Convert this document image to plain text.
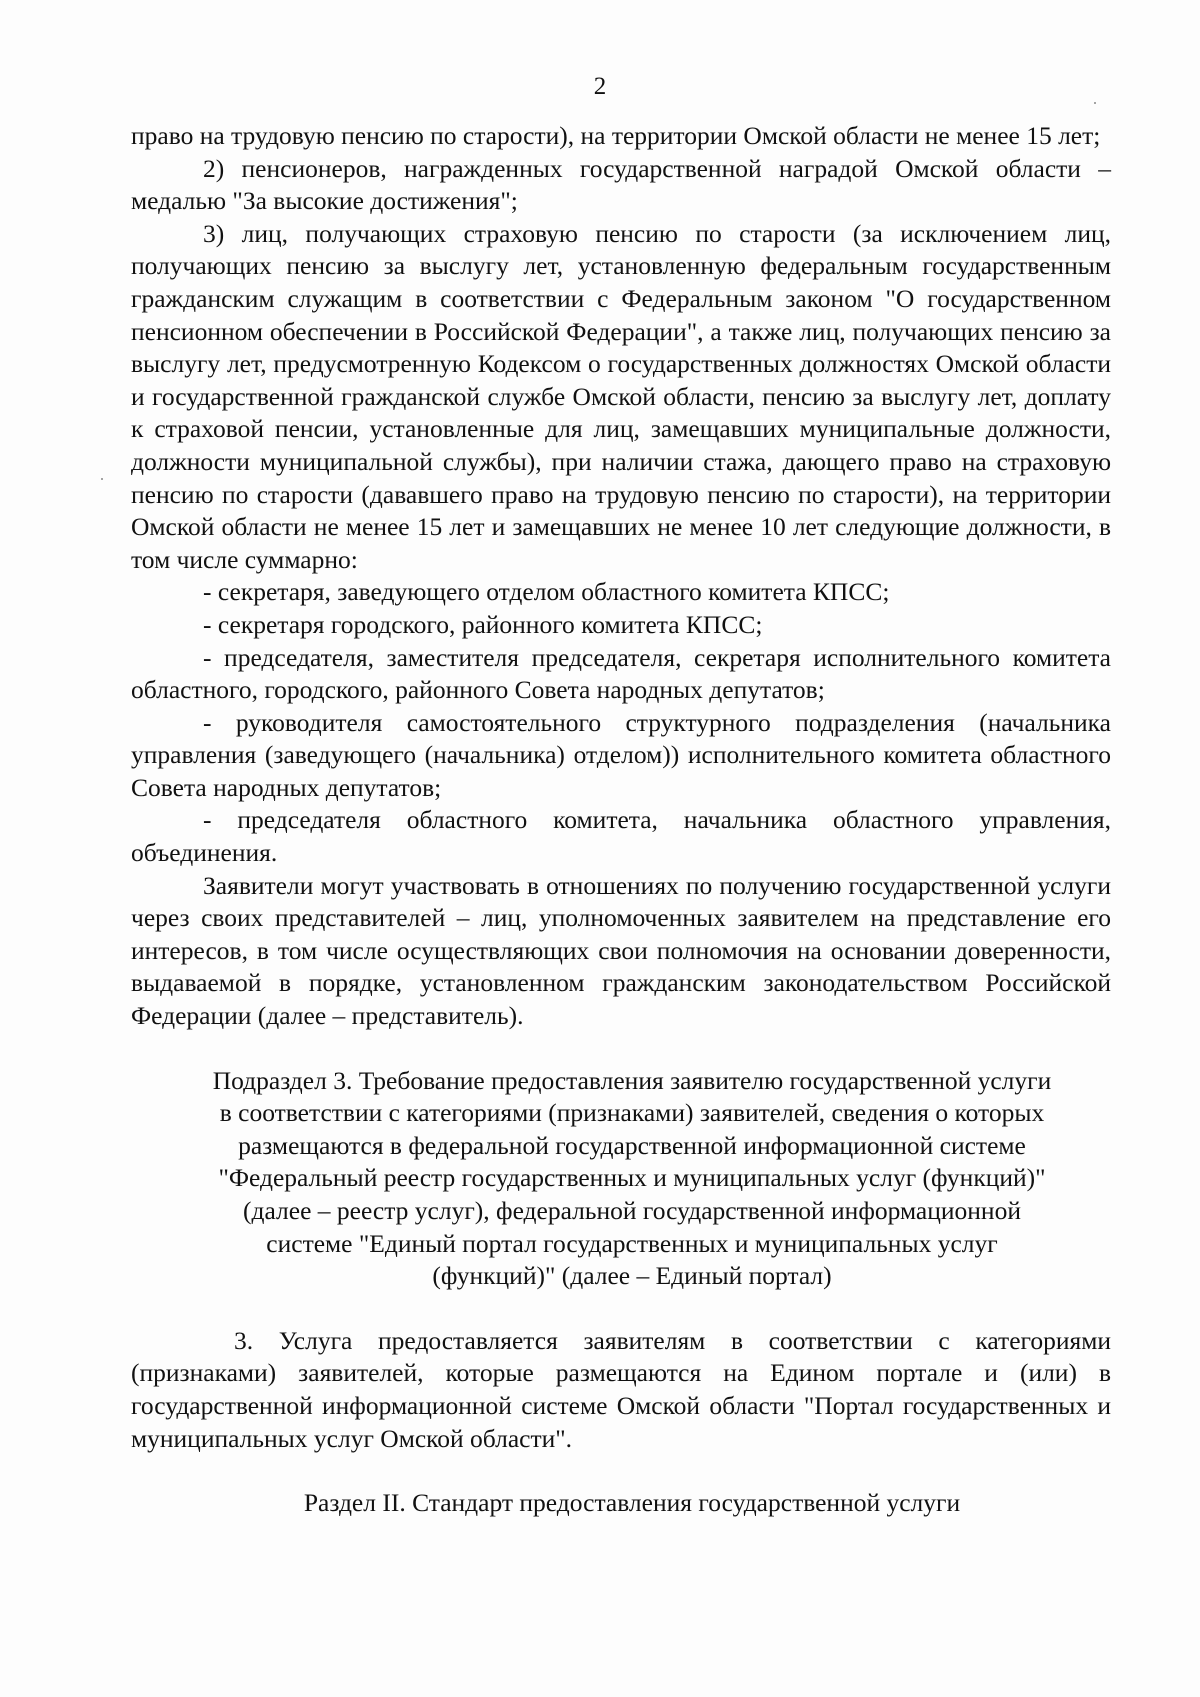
2

право на трудовую пенсию по старости), на территории Омской области не менее 15 лет;

2) пенсионеров, награжденных государственной наградой Омской области – медалью "За высокие достижения";

3) лиц, получающих страховую пенсию по старости (за исключением лиц, получающих пенсию за выслугу лет, установленную федеральным государственным гражданским служащим в соответствии с Федеральным законом "О государственном пенсионном обеспечении в Российской Федерации", а также лиц, получающих пенсию за выслугу лет, предусмотренную Кодексом о государственных должностях Омской области и государственной гражданской службе Омской области, пенсию за выслугу лет, доплату к страховой пенсии, установленные для лиц, замещавших муниципальные должности, должности муниципальной службы), при наличии стажа, дающего право на страховую пенсию по старости (дававшего право на трудовую пенсию по старости), на территории Омской области не менее 15 лет и замещавших не менее 10 лет следующие должности, в том числе суммарно:

- секретаря, заведующего отделом областного комитета КПСС;

- секретаря городского, районного комитета КПСС;

- председателя, заместителя председателя, секретаря исполнительного комитета областного, городского, районного Совета народных депутатов;

- руководителя самостоятельного структурного подразделения (начальника управления (заведующего (начальника) отделом)) исполнительного комитета областного Совета народных депутатов;

- председателя областного комитета, начальника областного управления, объединения.

Заявители могут участвовать в отношениях по получению государственной услуги через своих представителей – лиц, уполномоченных заявителем на представление его интересов, в том числе осуществляющих свои полномочия на основании доверенности, выдаваемой в порядке, установленном гражданским законодательством Российской Федерации (далее – представитель).

Подраздел 3. Требование предоставления заявителю государственной услуги
в соответствии с категориями (признаками) заявителей, сведения о которых
размещаются в федеральной государственной информационной системе
"Федеральный реестр государственных и муниципальных услуг (функций)"
(далее – реестр услуг), федеральной государственной информационной
системе "Единый портал государственных и муниципальных услуг
(функций)" (далее – Единый портал)

3. Услуга предоставляется заявителям в соответствии с категориями (признаками) заявителей, которые размещаются на Едином портале и (или) в государственной информационной системе Омской области "Портал государственных и муниципальных услуг Омской области".

Раздел II. Стандарт предоставления государственной услуги
